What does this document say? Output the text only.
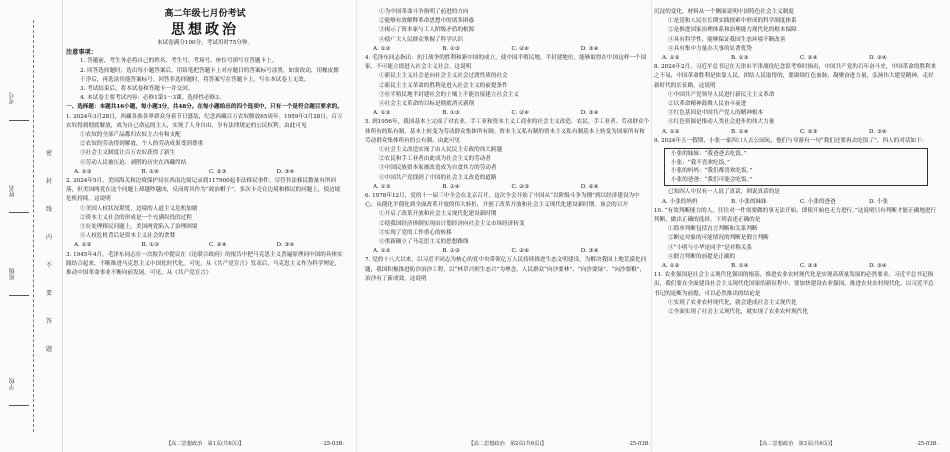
考号
姓名
班级
学校
密
封
线
内
不
要
答
题

高二年级七月份考试

思想政治

本试卷满分100分，考试用时75分钟。

注意事项：

1. 答题前，考生务必将自己的姓名、考生号、考场号、座位号填写在答题卡上。

2. 回答选择题时，选出每小题答案后，用铅笔把答题卡上对应题目的答案标号涂黑。如需改动，用橡皮擦干净后，再选涂其他答案标号。回答非选择题时，将答案写在答题卡上。写在本试卷上无效。

3. 考试结束后，将本试卷和答题卡一并交回。

4. 本试卷主要考试内容：必修1第1～3课。选择性必修3。

一、选择题：本题共16小题，每小题3分，共48分。在每小题给出的四个选项中，只有一个是符合题目要求的。

1. 2024年3月28日，西藏各族各界群众身着节日盛装，纪念西藏百万农奴解放65周年。1959年3月28日，百万农奴得到彻底解放，成为自己命运的主人，实现了人身自由，享有法律规定的公民权利。由此可见

①农奴的全部产品都归农奴主占有和支配

②农奴的劳动得到解放，个人的劳动成果受到尊重

③社会主义制度让百万农奴获得了新生

④劳动人民被压迫、剥削的历史在西藏终结

A. ①③	B. ①④	C. ②③	D. ③④

2. 2024年5月，美国海关和边境保护局在西南边境记录到117900起非法移民事件。尽管非法移民数量有所回落，但美国两党在这个问题上却越吵越凶，反而将其作为“政治棋子”，多次卡壳在边境和移民的问题上，使边境危机持续。这说明

①美国人权状况堪忧，边境的人道主义危机加剧

②资本主义社会的形成是一个充满奴役的过程

③在处理移民问题上，美国两党陷入了治理困境

④人权危机背后是资本主义社会的贪婪

A. ①②	B. ①③	C. ②④	D. ③④

3. 1945年4月，毛泽东同志在一次报告中提议在《论联合政府》的报告中把马克思主义普遍原理同中国的具体实践结合起来，不断推进马克思主义中国化时代化。可见，从《共产党宣言》发表后，马克思主义作为科学理论，推动中国革命事业不断向前发展。可见，从《共产党宣言》

①为中国革命斗争指明了前进的方向

②能够有效解释革命思想中的诸多困惑

③揭示了资本家与工人阶级矛盾的根源

④使广大人民群众掌握了科学认识

A. ①②	B. ①③	C. ②④	D. ③④

4. 毛泽东同志指出：抗日战争的胜利和新中国的成立，使中国半殖民地、半封建地位，能够取得在中国这样一个国家，不可能立即进入社会主义社会。这说明

①新民主主义社会是向社会主义社会过渡性质的社会

②新民主主义革命的胜利是进入社会主义的前提条件

③在半殖民地半封建社会的土壤上不能直接建立社会主义

④社会主义革命的目标是彻底消灭剥削

A. ①②	B. ①③	C. ②④	D. ③④

5. 到1956年，我国基本上完成了对农业、手工业和资本主义工商业的社会主义改造。农民、手工业者、劳动群众个体所有的私有制，基本上转变为劳动群众集体所有制；资本主义私有制的资本主义私有制基本上转变为国家所有和劳动群众集体所有的公有制。由此可见

①社会主义改造实现了由人民民主专政的伟大跨越

②农民和手工业者由此成为社会主义的劳动者

③中国民族资本家被改造成为自食其力的劳动者

④中国共产党找到了中国的社会主义改造的道路

A. ①③	B. ①④	C. ②③	D. ②④

6. 1978年12月，党的十一届三中全会在北京召开。这次全会开始了中国从“以阶级斗争为纲”到以经济建设为中心、从僵化半僵化到全面改革开放的伟大转折，开创了改革开放和社会主义现代化建设新时期。该会的召开

①开启了改革开放和社会主义现代化建设新时期

②使我国经济体制实现由计划经济向社会主义市场经济转变

③实现了党的工作重心的转移

④重新确立了马克思主义的思想路线

A. ①②	B. ①③	C. ②④	D. ③④

7. 党的十八大以来，以习近平同志为核心的党中央带领亿万人民持续推进生态文明建设。为解决我国土地荒漠化问题，我国积极推进防沙治沙工程，以“林草兴则生态兴”为理念，人民群众“向沙要林”、“向沙要绿”、“向沙要粮”，治沙有了新成效。这说明

沉淀的变化，材料从一个侧面说明中国特色社会主义制度

①是党和人民在长期实践探索中形成的科学制度体系

②是推进国家治理体系和治理能力现代化的根本保障

③具有科学性，能够保证我国生态环境不断改善

④具有集中力量办大事的显著优势

A. ①②	B. ①③	C. ②④	D. ③④

8. 2024年2月，习近平总书记在天津市平津战役纪念馆考察时指出，中国共产党的百年奋斗史，中国革命的胜利来之不易，中国革命胜利是依靠人民、团结人民取得的，要赓续红色血脉，凝聚奋进力量，弘扬伟大建党精神，走好新时代的长征路。这说明

①中国共产党领导人民进行新民主主义革命

②以革命精神鼓舞人民奋斗前进

③红色基因是中国共产党人的精神根本

④红色资源是推动人类社会进步的伟大力量

A. ①②	B. ①④	C. ②③	D. ③④

9. 2024年五一假期，小张一家四口人去公园玩，他们与导游有一句“我们还要再去吃饭了”，四人的对话如下：

小张的妹妹：“我爸爸去吃饭。”

小张：“我不喜欢吃饭。”

小张的妈妈：“我们都喜欢吃饭。”

小张的爸爸：“我们可能会吃饭。”

已知四人中仅有一人说了真话，则说真话的是

A. 小张的妈妈	B. 小张的妹妹	C. 小张的爸爸	D. 小张

10. “有效判断能力的人，往往对一件需要做的事无法开始，即使开始也无力进行。”这说明只有判断才能正确地进行判断，做出正确的选择。下列表述正确的是

①简单判断包括直言判断和关系判断

②断定对象的可能情况的判断是假言判断

③“小明与小华是同学”是对称关系

④联言判断的前提是正确的

A. ①②	B. ①④	C. ②③	D. ③④

11. 农业强国是社会主义现代化强国的根基，推进农业农村现代化是实现高质量发展的必然要求。习近平总书记指出，我们要在全面建设社会主义现代化国家的新征程中，要加快建设农业强国，推进农业农村现代化。以习近平总书记的论断为前提，可以必然推出的结论是

①实现了农业农村现代化，就会建成社会主义现代化

②全面实现了社会主义现代化，就实现了农业农村现代化

【高二思想政治　第1页(共6页)】	·25-03B·	【高二思想政治　第2页(共6页)】	·25-03B·	【高二思想政治　第3页(共6页)】	·25-03B·
